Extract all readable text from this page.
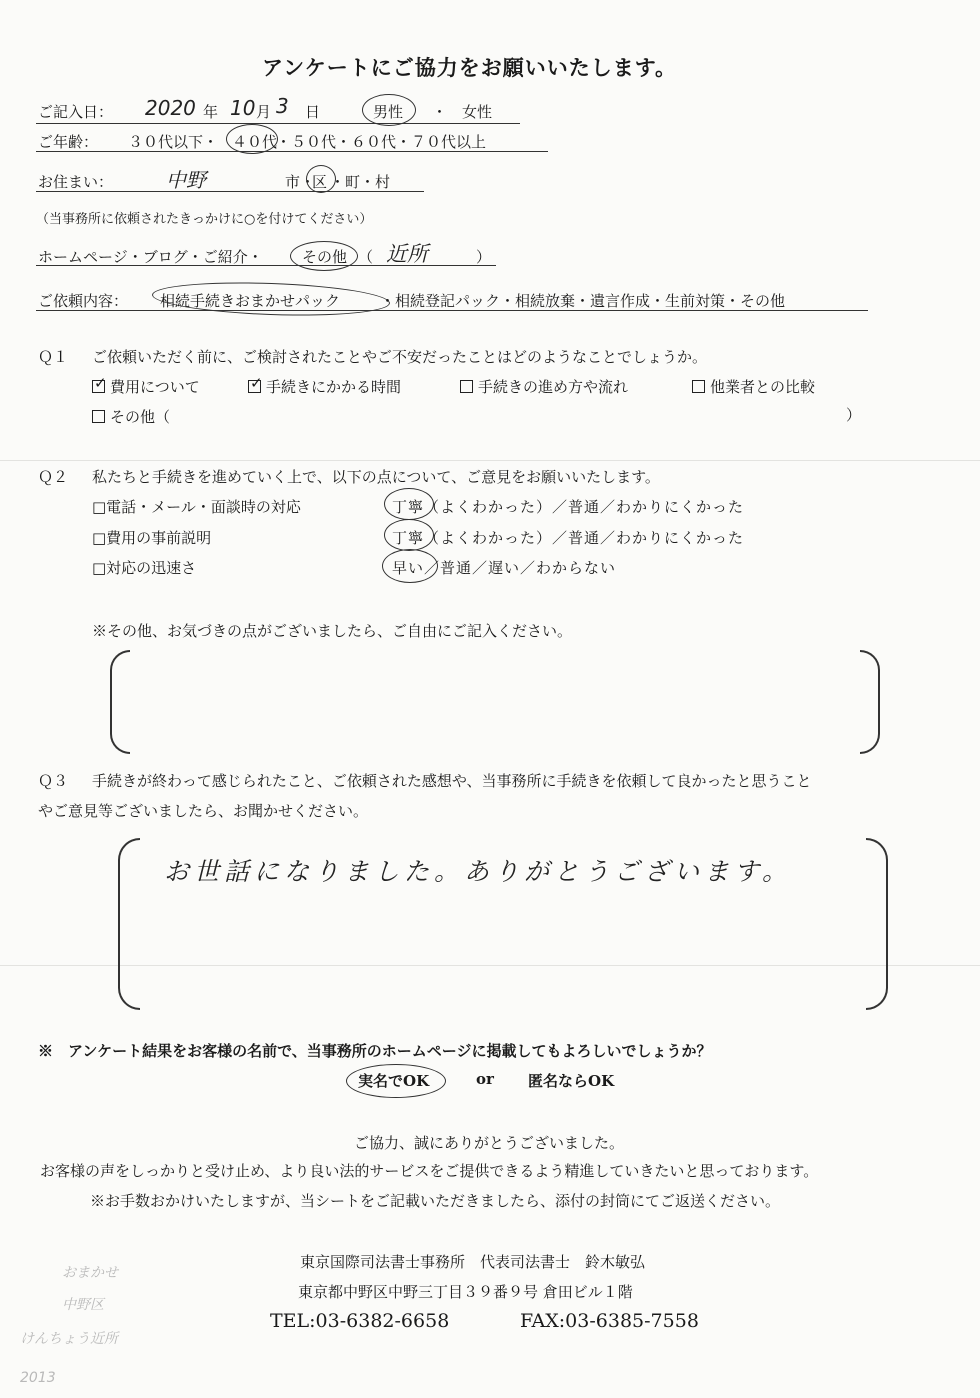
アンケートにご協力をお願いいたします。
ご記入日： 2020 年 10 月 3 日	男性 ・ 女性
ご年齢： ３０代以下・ ４０代
・５０代・６０代・７０代以上
お住まい：	中野	市・
区 ・町・村
（当事務所に依頼されたきっかけに○を付けてください）
ホームページ・ブログ・ご紹介・	その他 （ 近所	）
ご依頼内容： 相続手続きおまかせパック	・相続登記パック・相続放棄・遺言作成・生前対策・その他
Ｑ１ ご依頼いただく前に、ご検討されたことやご不安だったことはどのようなことでしょうか。
✓費用について
✓	手続きにかかる時間	手続きの進め方や流れ	他業者との比較
その他（	）
Ｑ２ 私たちと手続きを進めていく上で、以下の点について、ご意見をお願いいたします。
□電話・メール・面談時の対応	丁寧（よくわかった）／普通／わかりにくかった
□費用の事前説明	丁寧（よくわかった）／普通／わかりにくかった
□対応の迅速さ	早い／普通／遅い／わからない
※その他、お気づきの点がございましたら、ご自由にご記入ください。
Ｑ３ 手続きが終わって感じられたこと、ご依頼された感想や、当事務所に手続きを依頼して良かったと思うこと
やご意見等ございましたら、お聞かせください。
お世話になりました。ありがとうございます。
※　アンケート結果をお客様の名前で、当事務所のホームページに掲載してもよろしいでしょうか？
実名でOK	or 匿名ならOK
ご協力、誠にありがとうございました。
お客様の声をしっかりと受け止め、より良い法的サービスをご提供できるよう精進していきたいと思っております。
※お手数おかけいたしますが、当シートをご記載いただきましたら、添付の封筒にてご返送ください。
東京国際司法書士事務所　代表司法書士　鈴木敏弘
東京都中野区中野三丁目３９番９号 倉田ビル１階
TEL:03-6382-6658	FAX:03-6385-7558
おまかせ
中野区
けんちょう近所
2013
